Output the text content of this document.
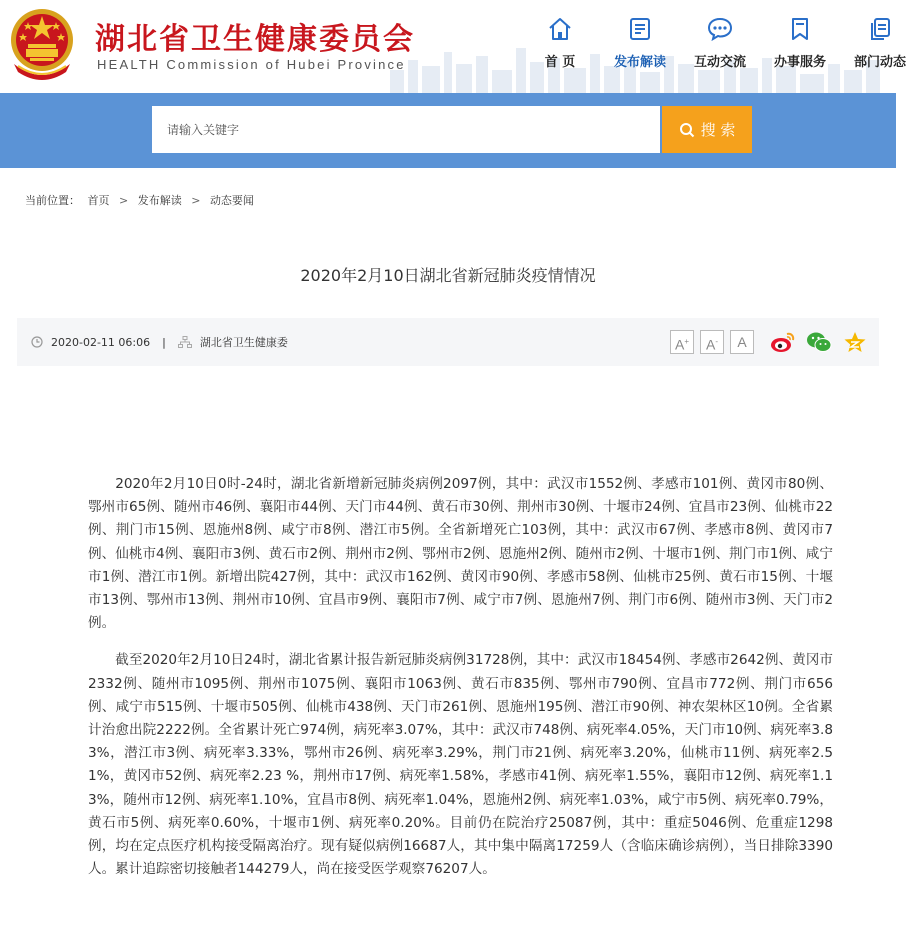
湖北省卫生健康委员会
HEALTH Commission of Hubei Province	首 页	发布解读	互动交流	办事服务	部门动态
请输入关键字
搜 索
当前位置： 首页 > 发布解读 > 动态要闻
2020年2月10日湖北省新冠肺炎疫情情况
2020-02-11 06:06 |	湖北省卫生健康委	A+	A-	A

2020年2月10日0时-24时，湖北省新增新冠肺炎病例2097例，其中：武汉市1552例、孝感市101例、黄冈市80例、鄂州市65例、随州市46例、襄阳市44例、天门市44例、黄石市30例、荆州市30例、十堰市24例、宜昌市23例、仙桃市22例、荆门市15例、恩施州8例、咸宁市8例、潜江市5例。全省新增死亡103例，其中：武汉市67例、孝感市8例、黄冈市7例、仙桃市4例、襄阳市3例、黄石市2例、荆州市2例、鄂州市2例、恩施州2例、随州市2例、十堰市1例、荆门市1例、咸宁市1例、潜江市1例。新增出院427例，其中：武汉市162例、黄冈市90例、孝感市58例、仙桃市25例、黄石市15例、十堰市13例、鄂州市13例、荆州市10例、宜昌市9例、襄阳市7例、咸宁市7例、恩施州7例、荆门市6例、随州市3例、天门市2例。

截至2020年2月10日24时，湖北省累计报告新冠肺炎病例31728例，其中：武汉市18454例、孝感市2642例、黄冈市2332例、随州市1095例、荆州市1075例、襄阳市1063例、黄石市835例、鄂州市790例、宜昌市772例、荆门市656例、咸宁市515例、十堰市505例、仙桃市438例、天门市261例、恩施州195例、潜江市90例、神农架林区10例。全省累计治愈出院2222例。全省累计死亡974例，病死率3.07%，其中：武汉市748例、病死率4.05%，天门市10例、病死率3.83%，潜江市3例、病死率3.33%，鄂州市26例、病死率3.29%，荆门市21例、病死率3.20%，仙桃市11例、病死率2.51%，黄冈市52例、病死率2.23 %，荆州市17例、病死率1.58%，孝感市41例、病死率1.55%，襄阳市12例、病死率1.13%，随州市12例、病死率1.10%，宜昌市8例、病死率1.04%，恩施州2例、病死率1.03%，咸宁市5例、病死率0.79%，黄石市5例、病死率0.60%，十堰市1例、病死率0.20%。目前仍在院治疗25087例，其中：重症5046例、危重症1298例，均在定点医疗机构接受隔离治疗。现有疑似病例16687人，其中集中隔离17259人（含临床确诊病例），当日排除3390人。累计追踪密切接触者144279人，尚在接受医学观察76207人。
